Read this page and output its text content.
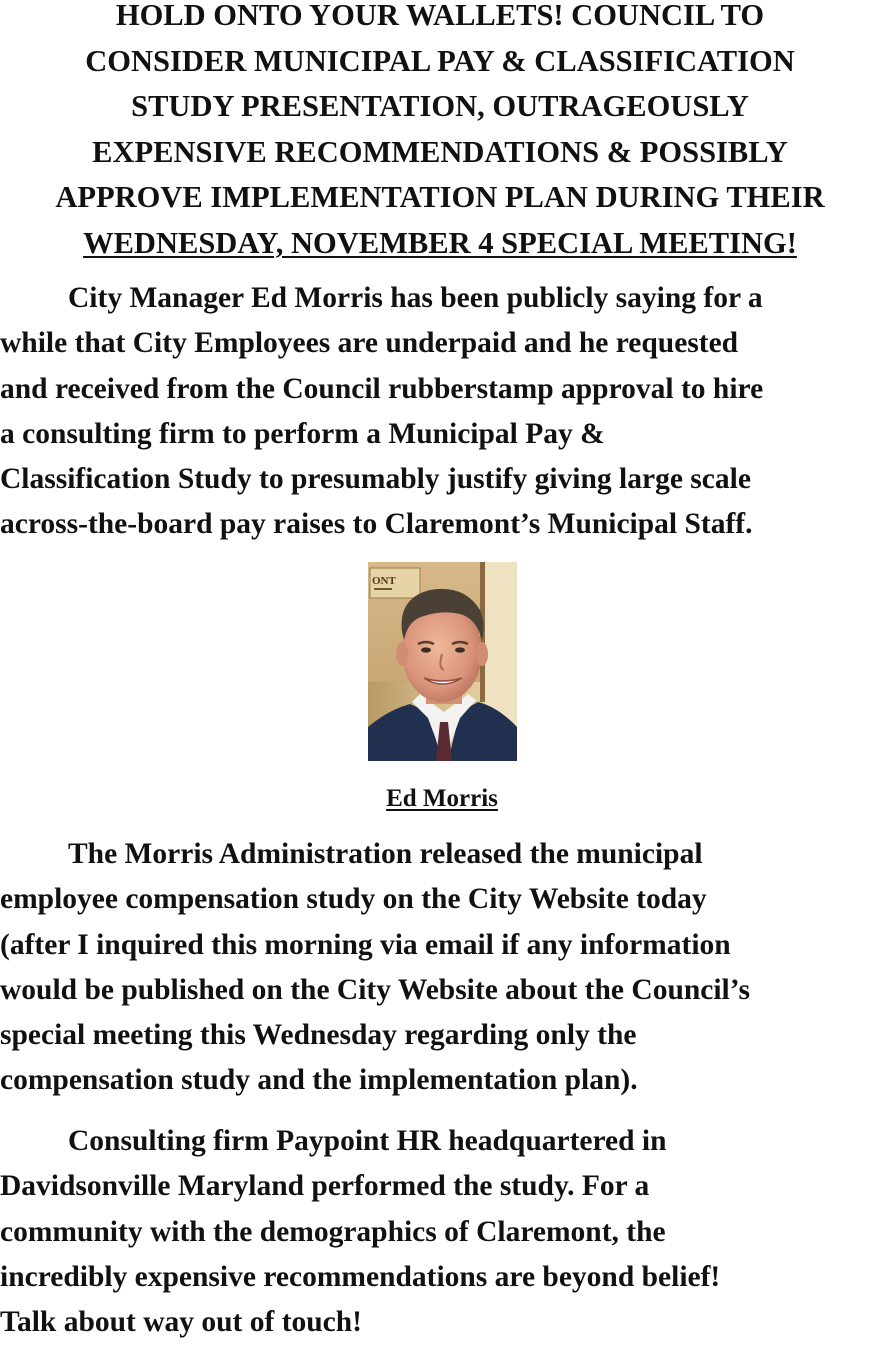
HOLD ONTO YOUR WALLETS! COUNCIL TO
CONSIDER MUNICIPAL PAY & CLASSIFICATION
STUDY PRESENTATION, OUTRAGEOUSLY
EXPENSIVE RECOMMENDATIONS & POSSIBLY
APPROVE IMPLEMENTATION PLAN DURING THEIR
WEDNESDAY, NOVEMBER 4 SPECIAL MEETING!

City Manager Ed Morris has been publicly saying for a
while that City Employees are underpaid and he requested
and received from the Council rubberstamp approval to hire
a consulting firm to perform a Municipal Pay &
Classification Study to presumably justify giving large scale
across-the-board pay raises to Claremont’s Municipal Staff.

ONT

Ed Morris

The Morris Administration released the municipal
employee compensation study on the City Website today
(after I inquired this morning via email if any information
would be published on the City Website about the Council’s
special meeting this Wednesday regarding only the
compensation study and the implementation plan).

Consulting firm Paypoint HR headquartered in
Davidsonville Maryland performed the study. For a
community with the demographics of Claremont, the
incredibly expensive recommendations are beyond belief!
Talk about way out of touch!
